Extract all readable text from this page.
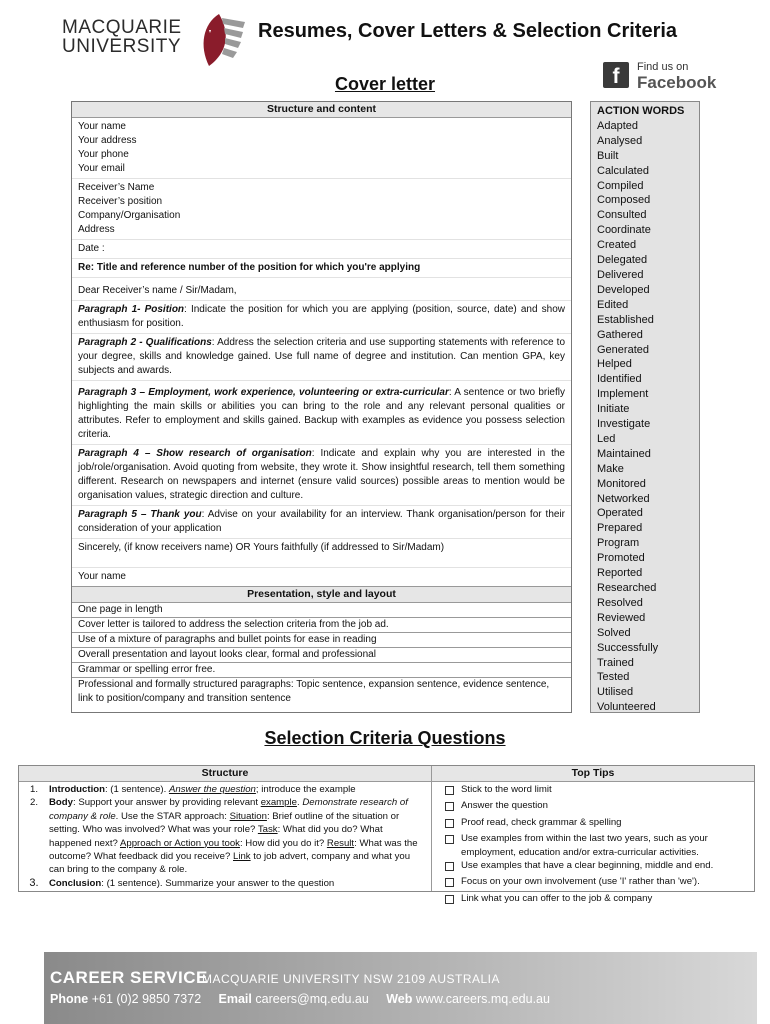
MACQUARIE
UNIVERSITY
Resumes, Cover Letters & Selection Criteria
f	Find us on
Facebook
Cover letter
Structure and content
Your name
Your address
Your phone
Your email
Receiver’s Name
Receiver’s position
Company/Organisation
Address
Date :
Re: Title and reference number of the position for which you're applying
Dear Receiver’s name / Sir/Madam,
Paragraph 1- Position: Indicate the position for which you are applying (position, source, date) and show enthusiasm for position.
Paragraph 2 - Qualifications: Address the selection criteria and use supporting statements with reference to your degree, skills and knowledge gained. Use full name of degree and institution. Can mention GPA, key subjects and awards.
Paragraph 3 – Employment, work experience, volunteering or extra-curricular: A sentence or two briefly highlighting the main skills or abilities you can bring to the role and any relevant personal qualities or attributes. Refer to employment and skills gained. Backup with examples as evidence you possess selection criteria.
Paragraph 4 – Show research of organisation: Indicate and explain why you are interested in the job/role/organisation. Avoid quoting from website, they wrote it. Show insightful research, tell them something different. Research on newspapers and internet (ensure valid sources) possible areas to mention would be organisation values, strategic direction and culture.
Paragraph 5 – Thank you: Advise on your availability for an interview. Thank organisation/person for their consideration of your application
Sincerely, (if know receivers name) OR Yours faithfully (if addressed to Sir/Madam)
Your name
Presentation, style and layout
One page in length
Cover letter is tailored to address the selection criteria from the job ad.
Use of a mixture of paragraphs and bullet points for ease in reading
Overall presentation and layout looks clear, formal and professional
Grammar or spelling error free.
Professional and formally structured paragraphs: Topic sentence, expansion sentence, evidence sentence, link to position/company and transition sentence
ACTION WORDS
Adapted
Analysed
Built
Calculated
Compiled
Composed
Consulted
Coordinate
Created
Delegated
Delivered
Developed
Edited
Established
Gathered
Generated
Helped
Identified
Implement
Initiate
Investigate
Led
Maintained
Make
Monitored
Networked
Operated
Prepared
Program
Promoted
Reported
Researched
Resolved
Reviewed
Solved
Successfully
Trained
Tested
Utilised
Volunteered
Selection Criteria Questions
Structure	Top Tips
1.	Introduction: (1 sentence). Answer the question; introduce the example
2.	Body: Support your answer by providing relevant example. Demonstrate research of company & role. Use the STAR approach: Situation: Brief outline of the situation or setting. Who was involved? What was your role? Task: What did you do? What happened next? Approach or Action you took: How did you do it? Result: What was the outcome? What feedback did you receive? Link to job advert, company and what you can bring to the company & role.
3.	Conclusion: (1 sentence). Summarize your answer to the question
Stick to the word limit
Answer the question
Proof read, check grammar & spelling
Use examples from within the last two years, such as your employment, education and/or extra-curricular activities.
Use examples that have a clear beginning, middle and end.
Focus on your own involvement (use 'I' rather than 'we').
Link what you can offer to the job & company
CAREER SERVICE
MACQUARIE UNIVERSITY NSW 2109 AUSTRALIA
Phone +61 (0)2 9850 7372 Email careers@mq.edu.au Web www.careers.mq.edu.au
